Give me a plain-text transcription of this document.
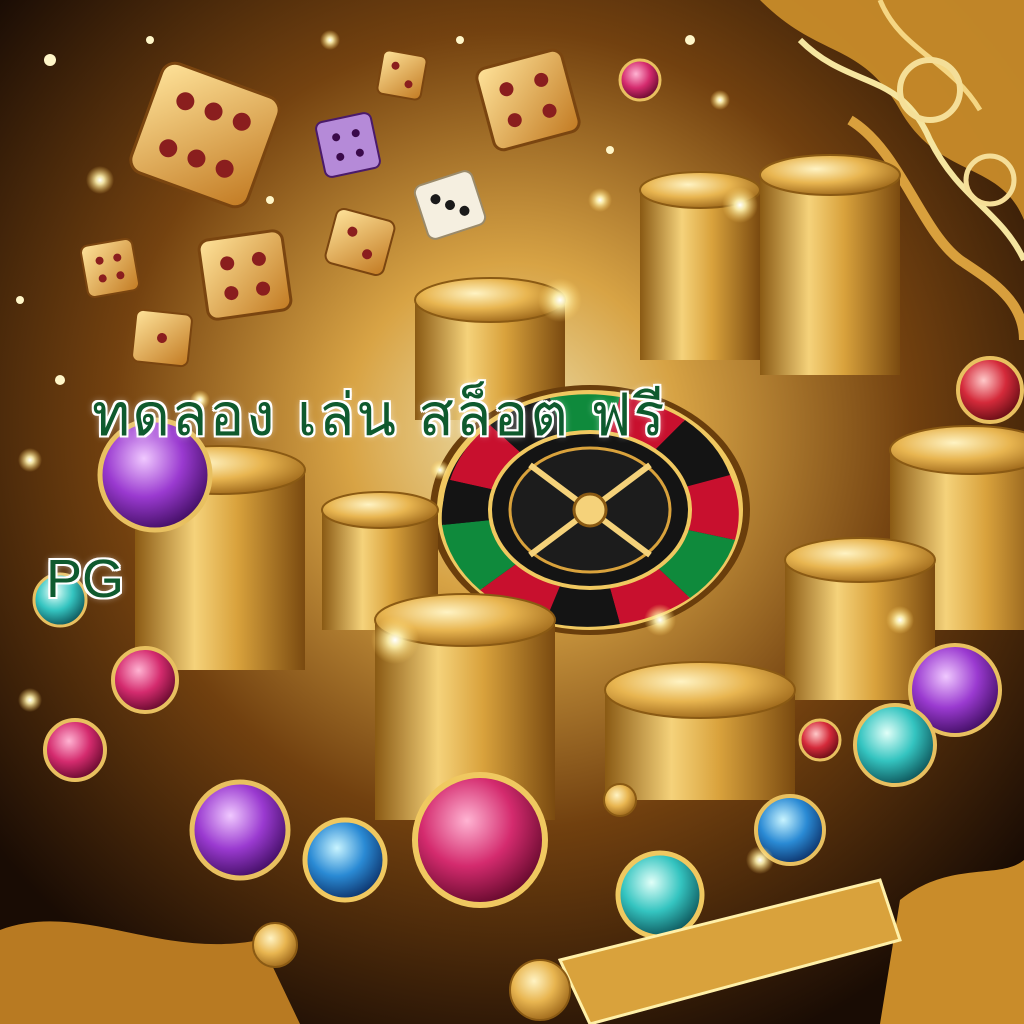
ทดลอง เล่น สล็อต ฟรี
PG
